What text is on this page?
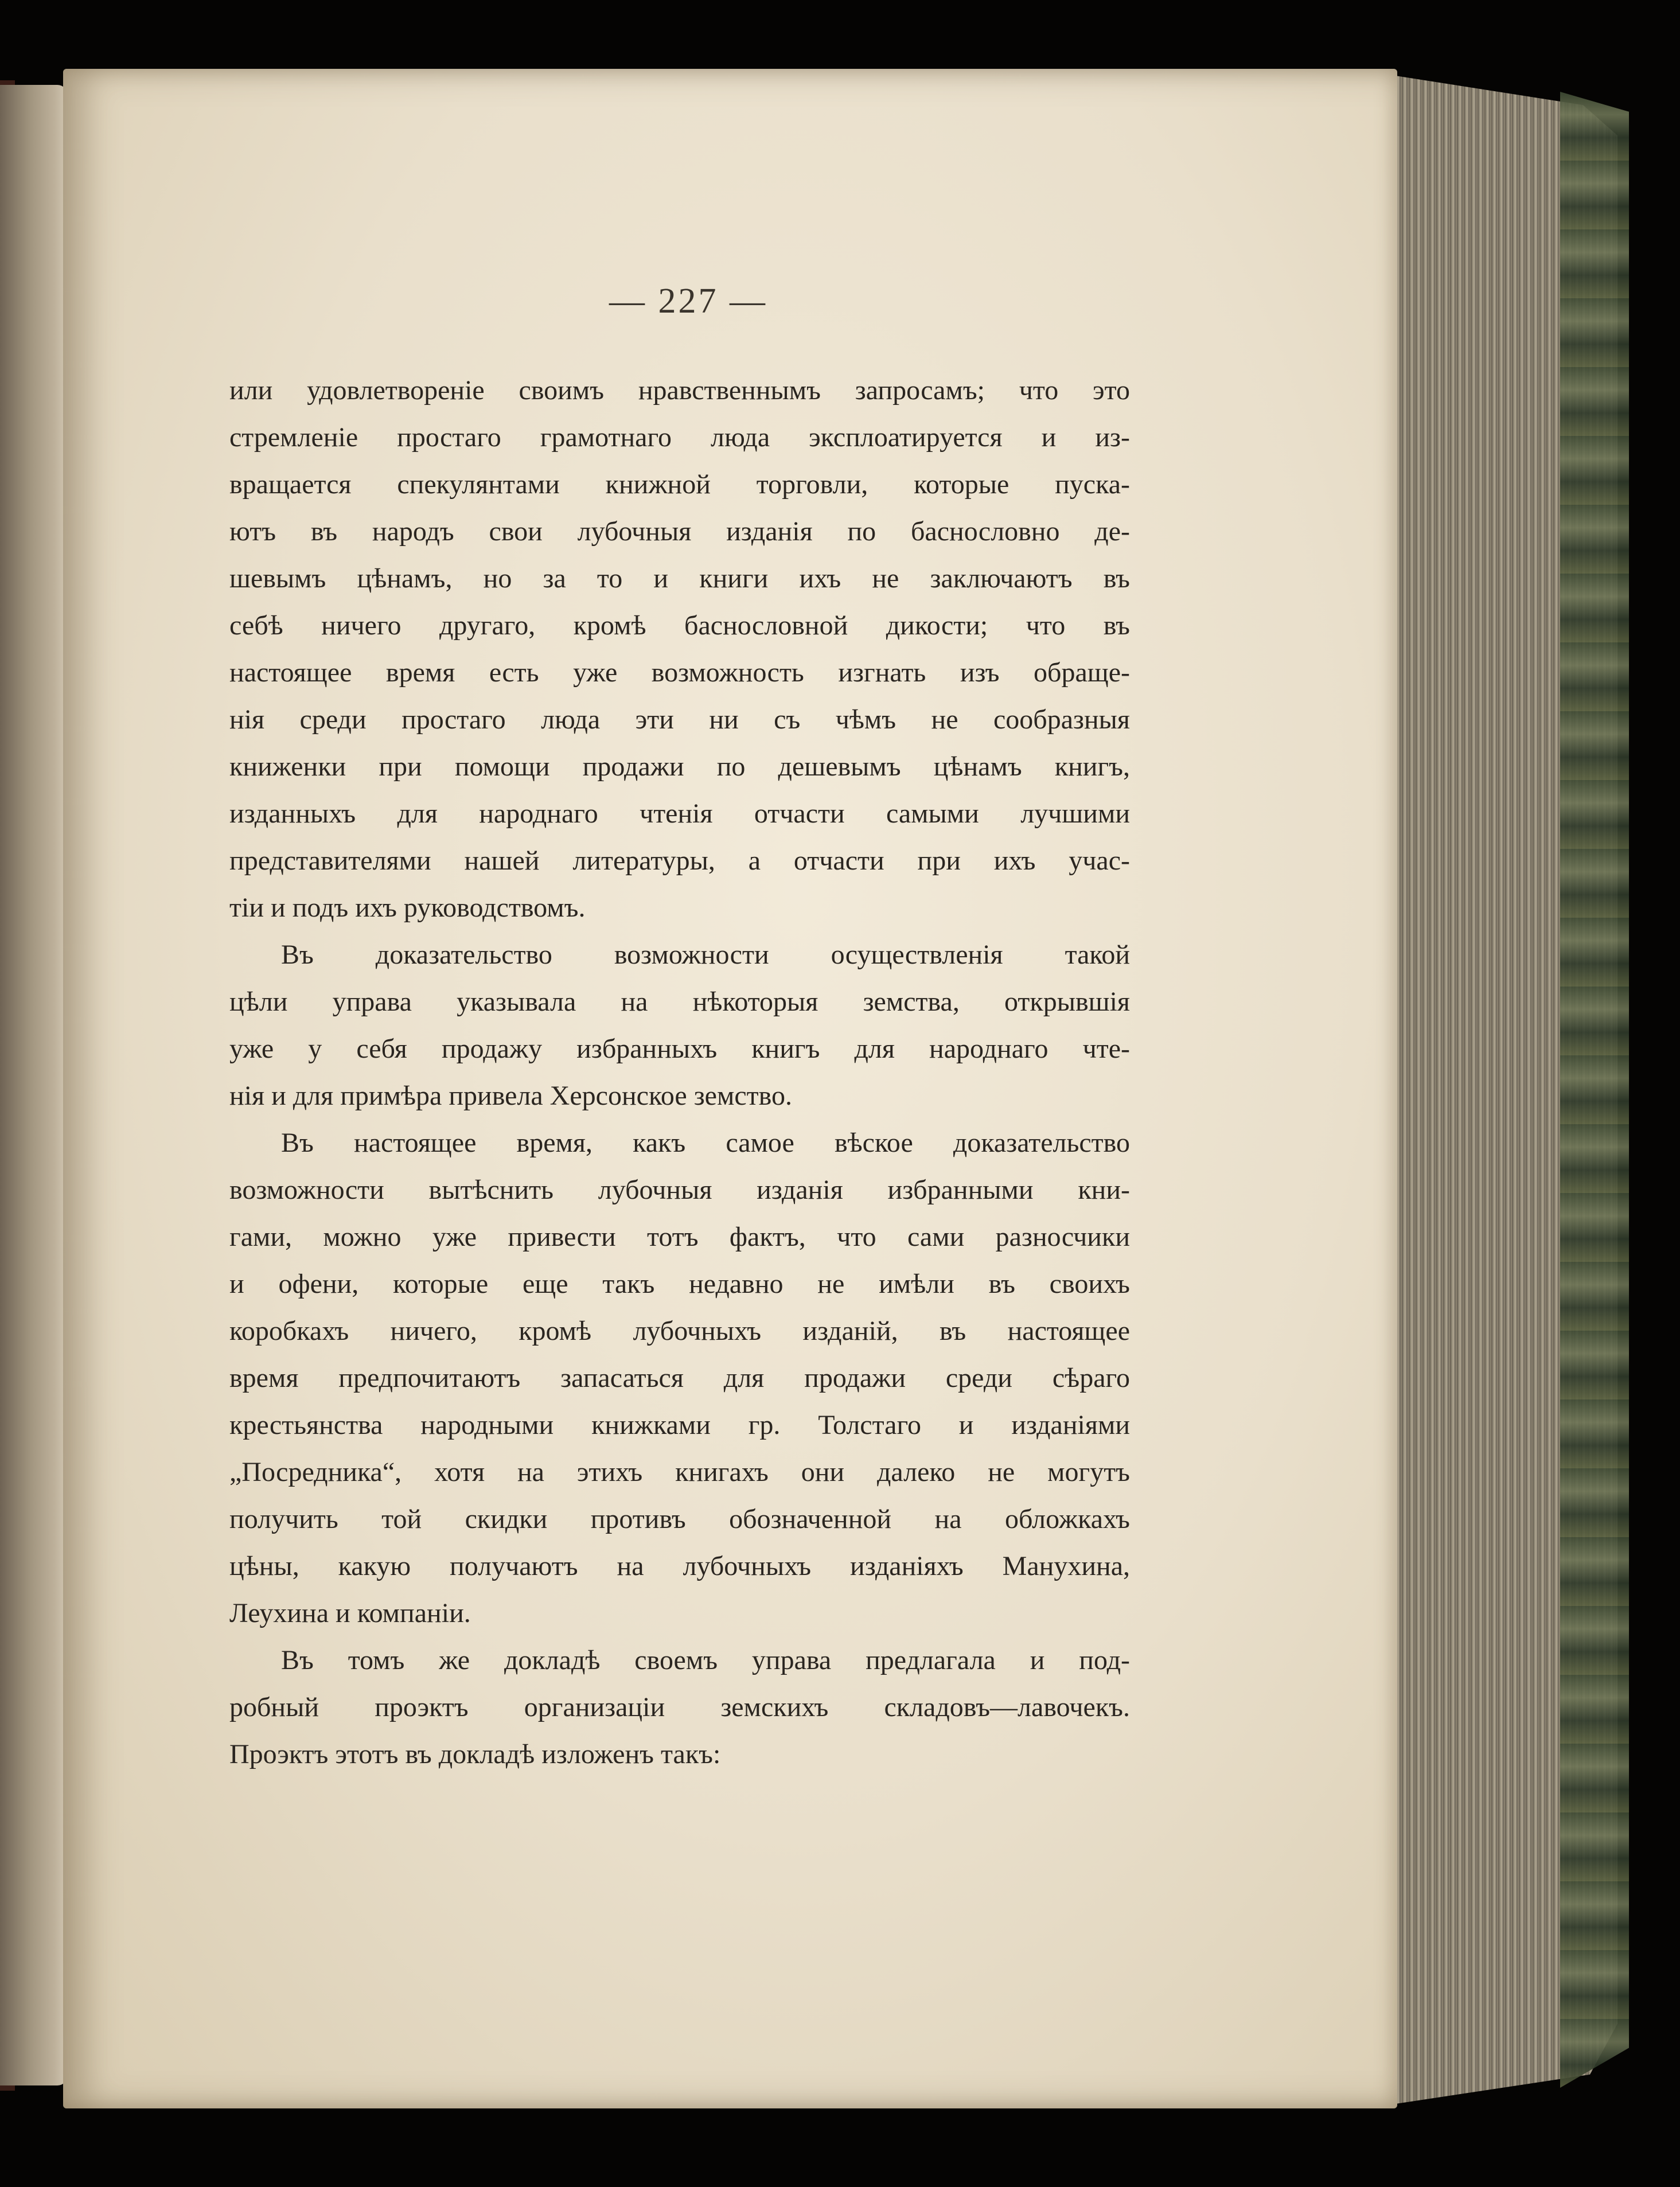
— 227 —
или удовлетвореніе своимъ нравственнымъ запросамъ; что это
стремленіе простаго грамотнаго люда эксплоатируется и из-
вращается спекулянтами книжной торговли, которые пуска-
ютъ въ народъ свои лубочныя изданія по баснословно де-
шевымъ цѣнамъ, но за то и книги ихъ не заключаютъ въ
себѣ ничего другаго, кромѣ баснословной дикости; что въ
настоящее время есть уже возможность изгнать изъ обраще-
нія среди простаго люда эти ни съ чѣмъ не сообразныя
книженки при помощи продажи по дешевымъ цѣнамъ книгъ,
изданныхъ для народнаго чтенія отчасти самыми лучшими
представителями нашей литературы, а отчасти при ихъ учас-
тіи и подъ ихъ руководствомъ.
Въ доказательство возможности осуществленія такой
цѣли управа указывала на нѣкоторыя земства, открывшія
уже у себя продажу избранныхъ книгъ для народнаго чте-
нія и для примѣра привела Херсонское земство.
Въ настоящее время, какъ самое вѣское доказательство
возможности вытѣснить лубочныя изданія избранными кни-
гами, можно уже привести тотъ фактъ, что сами разносчики
и офени, которые еще такъ недавно не имѣли въ своихъ
коробкахъ ничего, кромѣ лубочныхъ изданій, въ настоящее
время предпочитаютъ запасаться для продажи среди сѣраго
крестьянства народными книжками гр. Толстаго и изданіями
„Посредника“, хотя на этихъ книгахъ они далеко не могутъ
получить той скидки противъ обозначенной на обложкахъ
цѣны, какую получаютъ на лубочныхъ изданіяхъ Манухина,
Леухина и компаніи.
Въ томъ же докладѣ своемъ управа предлагала и под-
робный проэктъ организаціи земскихъ складовъ—лавочекъ.
Проэктъ этотъ въ докладѣ изложенъ такъ:
